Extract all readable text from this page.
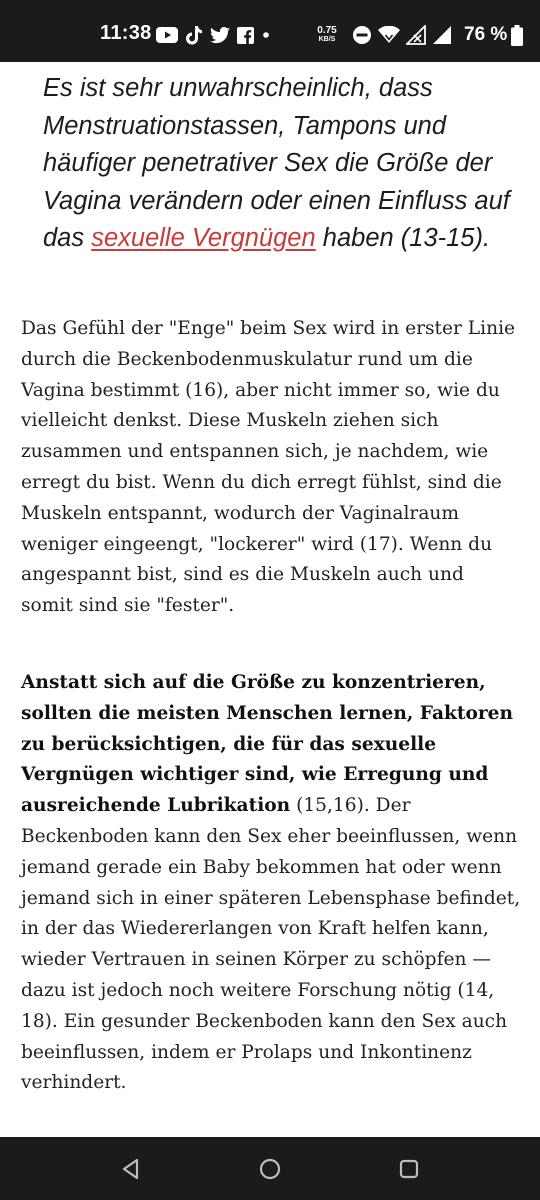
11:38	0.75
KB/S	76 %

Es ist sehr unwahrscheinlich, dass Menstruationstassen, Tampons und häufiger penetrativer Sex die Größe der Vagina verändern oder einen Einfluss auf das sexuelle Vergnügen haben (13-15).

Das Gefühl der "Enge" beim Sex wird in erster Linie durch die Beckenbodenmuskulatur rund um die Vagina bestimmt (16), aber nicht immer so, wie du vielleicht denkst. Diese Muskeln ziehen sich zusammen und entspannen sich, je nachdem, wie erregt du bist. Wenn du dich erregt fühlst, sind die Muskeln entspannt, wodurch der Vaginalraum weniger eingeengt, "lockerer" wird (17). Wenn du angespannt bist, sind es die Muskeln auch und somit sind sie "fester".

Anstatt sich auf die Größe zu konzentrieren, sollten die meisten Menschen lernen, Faktoren zu berücksichtigen, die für das sexuelle Vergnügen wichtiger sind, wie Erregung und ausreichende Lubrikation (15,16). Der Beckenboden kann den Sex eher beeinflussen, wenn jemand gerade ein Baby bekommen hat oder wenn jemand sich in einer späteren Lebensphase befindet, in der das Wiedererlangen von Kraft helfen kann, wieder Vertrauen in seinen Körper zu schöpfen — dazu ist jedoch noch weitere Forschung nötig (14, 18). Ein gesunder Beckenboden kann den Sex auch beeinflussen, indem er Prolaps und Inkontinenz verhindert.
